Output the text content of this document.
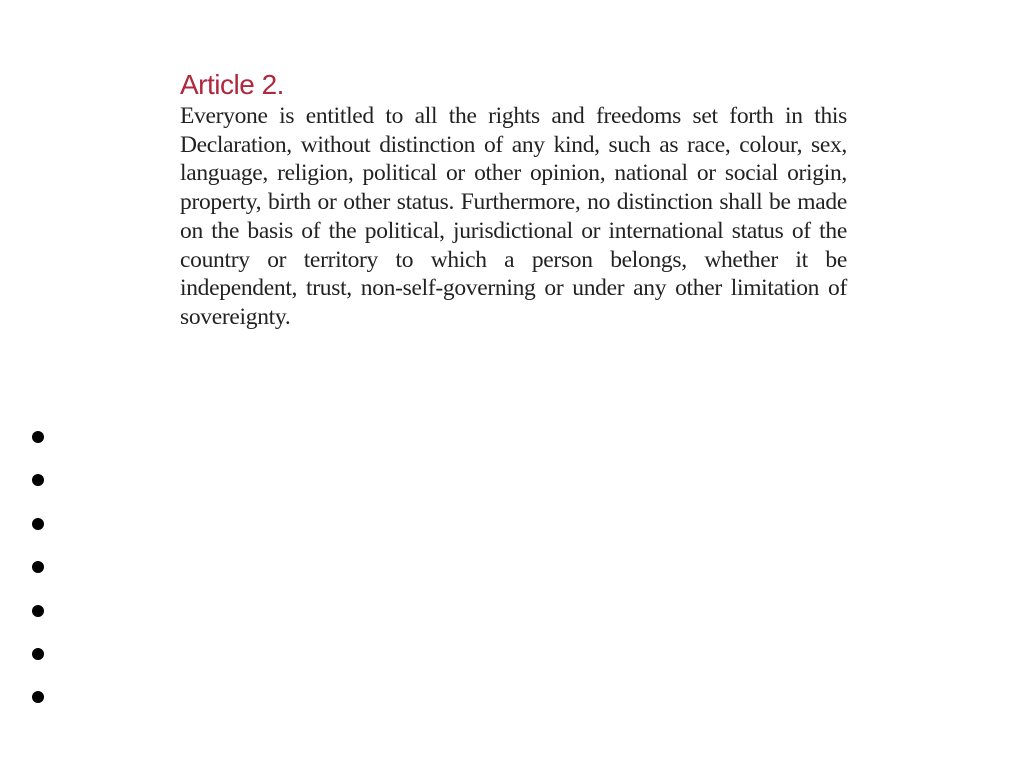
Article 2.

Everyone is entitled to all the rights and freedoms set forth in this Declaration, without distinction of any kind, such as race, colour, sex, language, religion, political or other opinion, national or social origin, property, birth or other status. Furthermore, no distinction shall be made on the basis of the political, jurisdictional or international status of the country or territory to which a person belongs, whether it be independent, trust, non-self-governing or under any other limitation of sovereignty.
